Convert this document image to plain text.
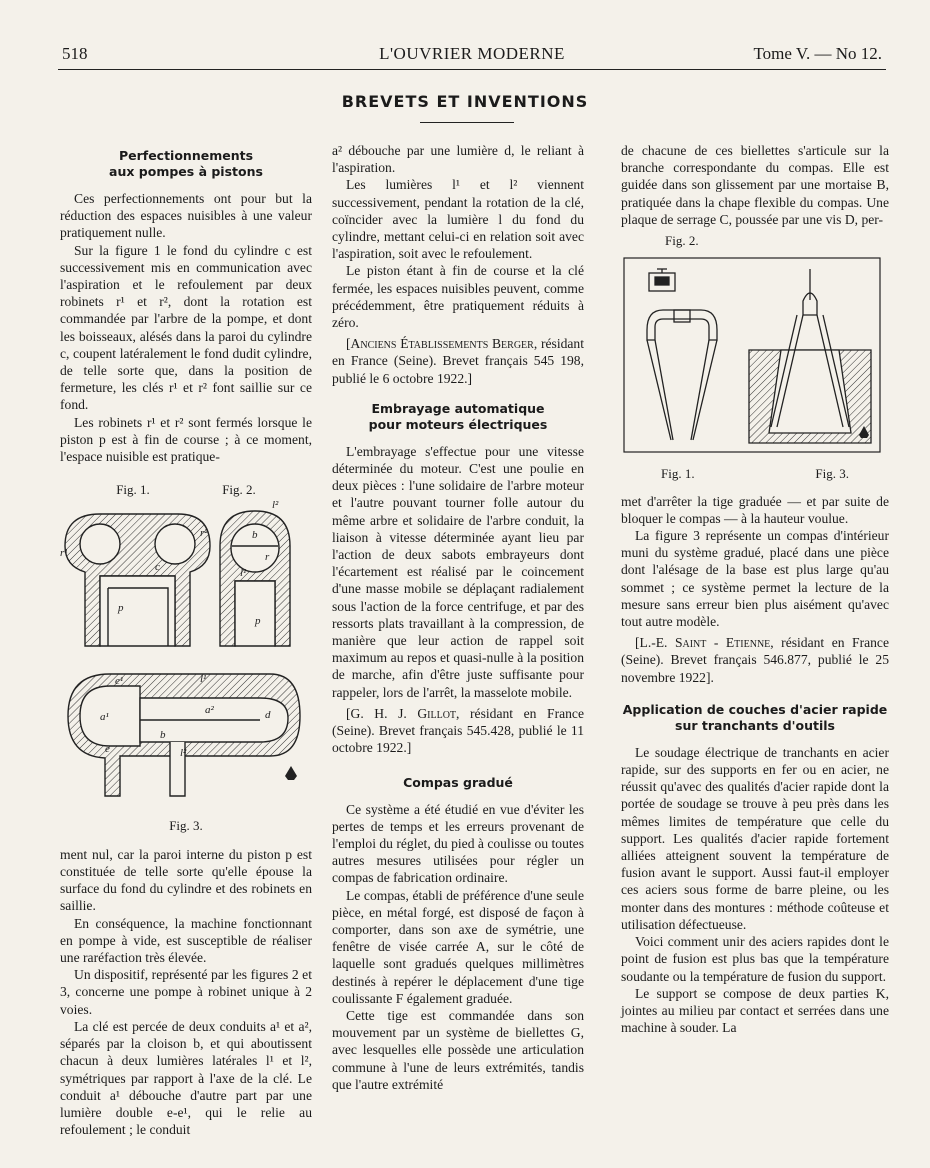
518	L'OUVRIER MODERNE	Tome V. — No 12.
BREVETS ET INVENTIONS
Perfectionnements
aux pompes à pistons

Ces perfectionnements ont pour but la réduction des espaces nuisibles à une valeur pratiquement nulle.

Sur la figure 1 le fond du cylindre c est successivement mis en communication avec l'aspiration et le refoulement par deux robinets r¹ et r², dont la rotation est commandée par l'arbre de la pompe, et dont les boisseaux, alésés dans la paroi du cylindre c, coupent latéralement le fond dudit cylindre, de telle sorte que, dans la position de fermeture, les clés r¹ et r² font saillie sur ce fond.

Les robinets r¹ et r² sont fermés lorsque le piston p est à fin de course ; à ce moment, l'espace nuisible est pratique-

Fig. 1.	Fig. 2.
r¹
r²
c
p
l²
b
r
l¹
p
e¹	l¹
a¹
a²	d
b
e	l²
Fig. 3.

ment nul, car la paroi interne du piston p est constituée de telle sorte qu'elle épouse la surface du fond du cylindre et des robinets en saillie.

En conséquence, la machine fonctionnant en pompe à vide, est susceptible de réaliser une raréfaction très élevée.

Un dispositif, représenté par les figures 2 et 3, concerne une pompe à robinet unique à 2 voies.

La clé est percée de deux conduits a¹ et a², séparés par la cloison b, et qui aboutissent chacun à deux lumières latérales l¹ et l², symétriques par rapport à l'axe de la clé. Le conduit a¹ débouche d'autre part par une lumière double e-e¹, qui le relie au refoulement ; le conduit

a² débouche par une lumière d, le reliant à l'aspiration.

Les lumières l¹ et l² viennent successivement, pendant la rotation de la clé, coïncider avec la lumière l du fond du cylindre, mettant celui-ci en relation soit avec l'aspiration, soit avec le refoulement.

Le piston étant à fin de course et la clé fermée, les espaces nuisibles peuvent, comme précédemment, être pratiquement réduits à zéro.

[Anciens Établissements Berger, résidant en France (Seine). Brevet français 545 198, publié le 6 octobre 1922.]

Embrayage automatique
pour moteurs électriques

L'embrayage s'effectue pour une vitesse déterminée du moteur. C'est une poulie en deux pièces : l'une solidaire de l'arbre moteur et l'autre pouvant tourner folle autour du même arbre et solidaire de l'arbre conduit, la liaison à vitesse déterminée ayant lieu par l'action de deux sabots embrayeurs dont l'écartement est réalisé par le coincement d'une masse mobile se déplaçant radialement sous l'action de la force centrifuge, et par des ressorts plats travaillant à la compression, de manière que leur action de rappel soit maximum au repos et quasi-nulle à la position de marche, afin d'être juste suffisante pour rappeler, lors de l'arrêt, la masselote mobile.

[G. H. J. Gillot, résidant en France (Seine). Brevet français 545.428, publié le 11 octobre 1922.]

Compas gradué

Ce système a été étudié en vue d'éviter les pertes de temps et les erreurs provenant de l'emploi du réglet, du pied à coulisse ou toutes autres mesures utilisées pour régler un compas de fabrication ordinaire.

Le compas, établi de préférence d'une seule pièce, en métal forgé, est disposé de façon à comporter, dans son axe de symétrie, une fenêtre de visée carrée A, sur le côté de laquelle sont gradués quelques millimètres destinés à repérer le déplacement d'une tige coulissante F également graduée.

Cette tige est commandée dans son mouvement par un système de biellettes G, avec lesquelles elle possède une articulation commune à l'une de leurs extrémités, tandis que l'autre extrémité

de chacune de ces biellettes s'articule sur la branche correspondante du compas. Elle est guidée dans son glissement par une mortaise B, pratiquée dans la chape flexible du compas. Une plaque de serrage C, poussée par une vis D, per-

Fig. 2.
Fig. 1.	Fig. 3.

met d'arrêter la tige graduée — et par suite de bloquer le compas — à la hauteur voulue.

La figure 3 représente un compas d'intérieur muni du système gradué, placé dans une pièce dont l'alésage de la base est plus large qu'au sommet ; ce système permet la lecture de la mesure sans erreur bien plus aisément qu'avec tout autre modèle.

[L.-E. Saint - Etienne, résidant en France (Seine). Brevet français 546.877, publié le 25 novembre 1922].

Application de couches d'acier rapide
sur tranchants d'outils

Le soudage électrique de tranchants en acier rapide, sur des supports en fer ou en acier, ne réussit qu'avec des qualités d'acier rapide dont la portée de soudage se trouve à peu près dans les mêmes limites de température que celle du support. Les qualités d'acier rapide fortement alliées atteignent souvent la température de fusion avant le support. Aussi faut-il employer ces aciers sous forme de barre pleine, ou les monter dans des montures : méthode coûteuse et utilisation défectueuse.

Voici comment unir des aciers rapides dont le point de fusion est plus bas que la température soudante ou la température de fusion du support.

Le support se compose de deux parties K, jointes au milieu par contact et serrées dans une machine à souder. La
